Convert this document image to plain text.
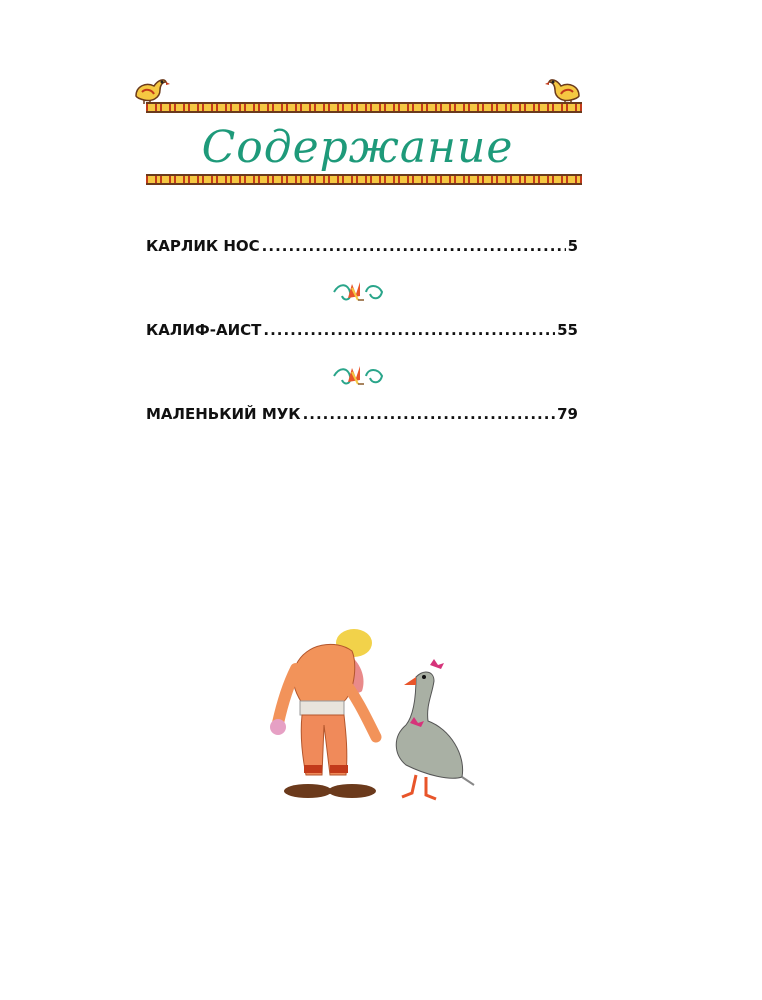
Содержание
КАРЛИК НОС .....	5
КАЛИФ-АИСТ .....	55
МАЛЕНЬКИЙ МУК .....	79
